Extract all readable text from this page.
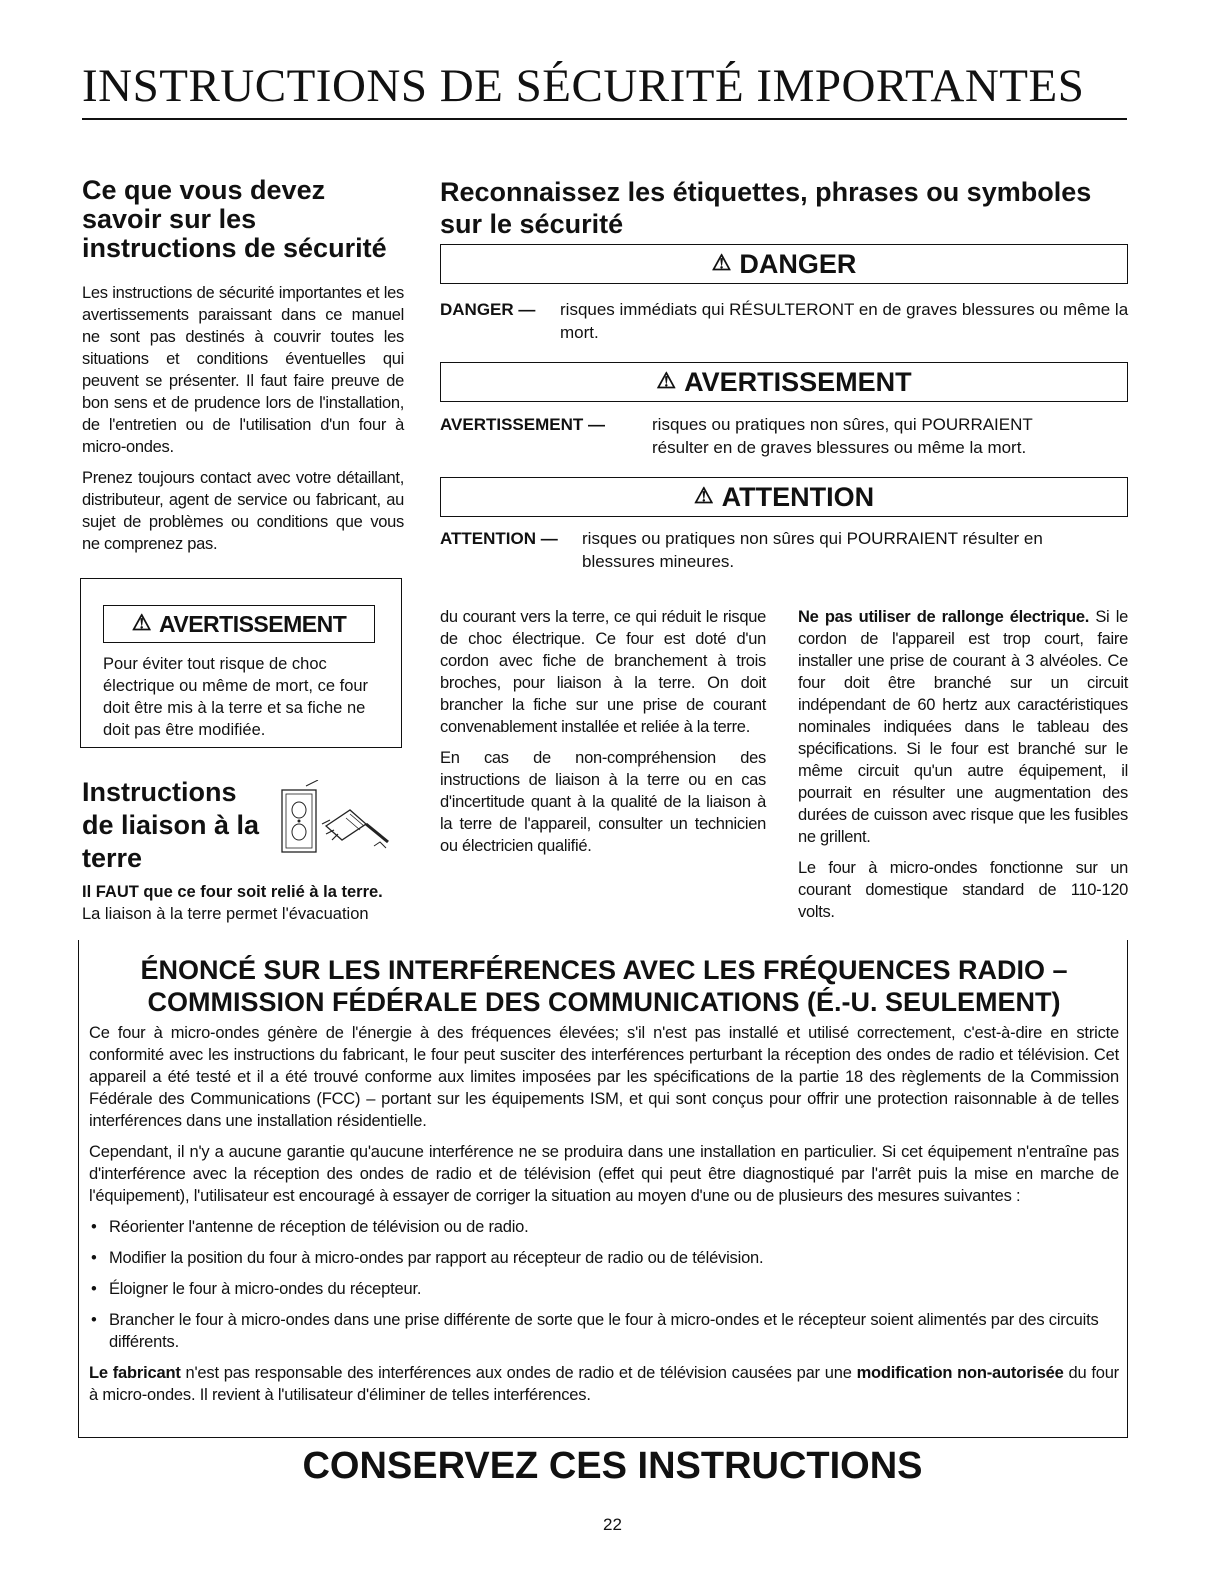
INSTRUCTIONS DE SÉCURITÉ IMPORTANTES
Ce que vous devez savoir sur les instructions de sécurité

Les instructions de sécurité importantes et les avertissements paraissant dans ce manuel ne sont pas destinés à couvrir toutes les situations et conditions éventuelles qui peuvent se présenter. Il faut faire preuve de bon sens et de prudence lors de l'installation, de l'entretien ou de l'utilisation d'un four à micro-ondes.

Prenez toujours contact avec votre détaillant, distributeur, agent de service ou fabricant, au sujet de problèmes ou conditions que vous ne comprenez pas.

Reconnaissez les étiquettes, phrases ou symboles sur le sécurité
⚠ DANGER
DANGER —	risques immédiats qui RÉSULTERONT en de graves blessures ou même la mort.
⚠ AVERTISSEMENT
AVERTISSEMENT —	risques ou pratiques non sûres, qui POURRAIENT résulter en de graves blessures ou même la mort.
⚠ ATTENTION
ATTENTION —	risques ou pratiques non sûres qui POURRAIENT résulter en blessures mineures.
⚠ AVERTISSEMENT
Pour éviter tout risque de choc électrique ou même de mort, ce four doit être mis à la terre et sa fiche ne doit pas être modifiée.
Instructions de liaison à la terre
Il FAUT que ce four soit relié à la terre.
La liaison à la terre permet l'évacuation

du courant vers la terre, ce qui réduit le risque de choc électrique. Ce four est doté d'un cordon avec fiche de branchement à trois broches, pour liaison à la terre. On doit brancher la fiche sur une prise de courant convenablement installée et reliée à la terre.

En cas de non-compréhension des instructions de liaison à la terre ou en cas d'incertitude quant à la qualité de la liaison à la terre de l'appareil, consulter un technicien ou électricien qualifié.

Ne pas utiliser de rallonge électrique. Si le cordon de l'appareil est trop court, faire installer une prise de courant à 3 alvéoles. Ce four doit être branché sur un circuit indépendant de 60 hertz aux caractéristiques nominales indiquées dans le tableau des spécifications. Si le four est branché sur le même circuit qu'un autre équipement, il pourrait en résulter une augmentation des durées de cuisson avec risque que les fusibles ne grillent.

Le four à micro-ondes fonctionne sur un courant domestique standard de 110-120 volts.

ÉNONCÉ SUR LES INTERFÉRENCES AVEC LES FRÉQUENCES RADIO –
COMMISSION FÉDÉRALE DES COMMUNICATIONS (É.-U. SEULEMENT)

Ce four à micro-ondes génère de l'énergie à des fréquences élevées; s'il n'est pas installé et utilisé correctement, c'est-à-dire en stricte conformité avec les instructions du fabricant, le four peut susciter des interférences perturbant la réception des ondes de radio et télévision. Cet appareil a été testé et il a été trouvé conforme aux limites imposées par les spécifications de la partie 18 des règlements de la Commission Fédérale des Communications (FCC) – portant sur les équipements ISM, et qui sont conçus pour offrir une protection raisonnable à de telles interférences dans une installation résidentielle.

Cependant, il n'y a aucune garantie qu'aucune interférence ne se produira dans une installation en particulier. Si cet équipement n'entraîne pas d'interférence avec la réception des ondes de radio et de télévision (effet qui peut être diagnostiqué par l'arrêt puis la mise en marche de l'équipement), l'utilisateur est encouragé à essayer de corriger la situation au moyen d'une ou de plusieurs des mesures suivantes :

• Réorienter l'antenne de réception de télévision ou de radio.
• Modifier la position du four à micro-ondes par rapport au récepteur de radio ou de télévision.
• Éloigner le four à micro-ondes du récepteur.
• Brancher le four à micro-ondes dans une prise différente de sorte que le four à micro-ondes et le récepteur soient alimentés par des circuits différents.

Le fabricant n'est pas responsable des interférences aux ondes de radio et de télévision causées par une modification non-autorisée du four à micro-ondes. Il revient à l'utilisateur d'éliminer de telles interférences.

CONSERVEZ CES INSTRUCTIONS
22
